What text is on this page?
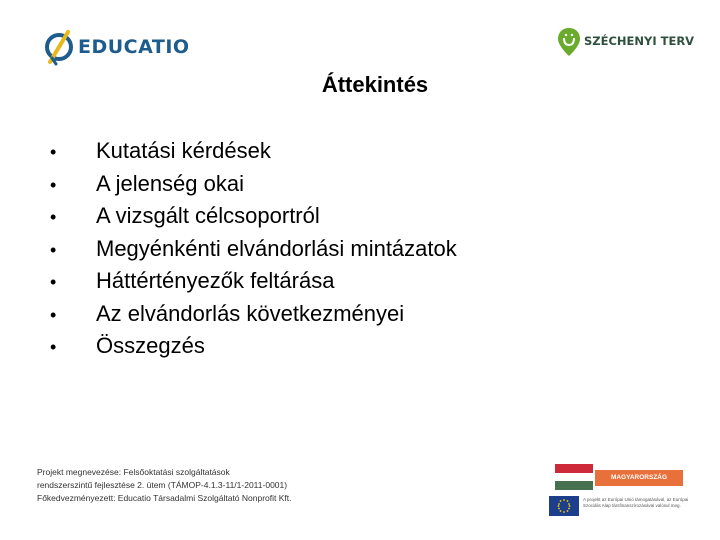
EDUCATIO	SZÉCHENYI TERV
Áttekintés
• Kutatási kérdések
• A jelenség okai
• A vizsgált célcsoportról
• Megyénkénti elvándorlási mintázatok
• Háttértényezők feltárása
• Az elvándorlás következményei
• Összegzés
Projekt megnevezése: Felsőoktatási szolgáltatások
rendszerszintű fejlesztése 2. ütem (TÁMOP-4.1.3-11/1-2011-0001)
Főkedvezményezett: Educatio Társadalmi Szolgáltató Nonprofit Kft.
MAGYARORSZÁG MEGÚJUL
A projekt az Európai Unió támogatásával, az Európai Szociális Alap társfinanszírozásával valósul meg.
